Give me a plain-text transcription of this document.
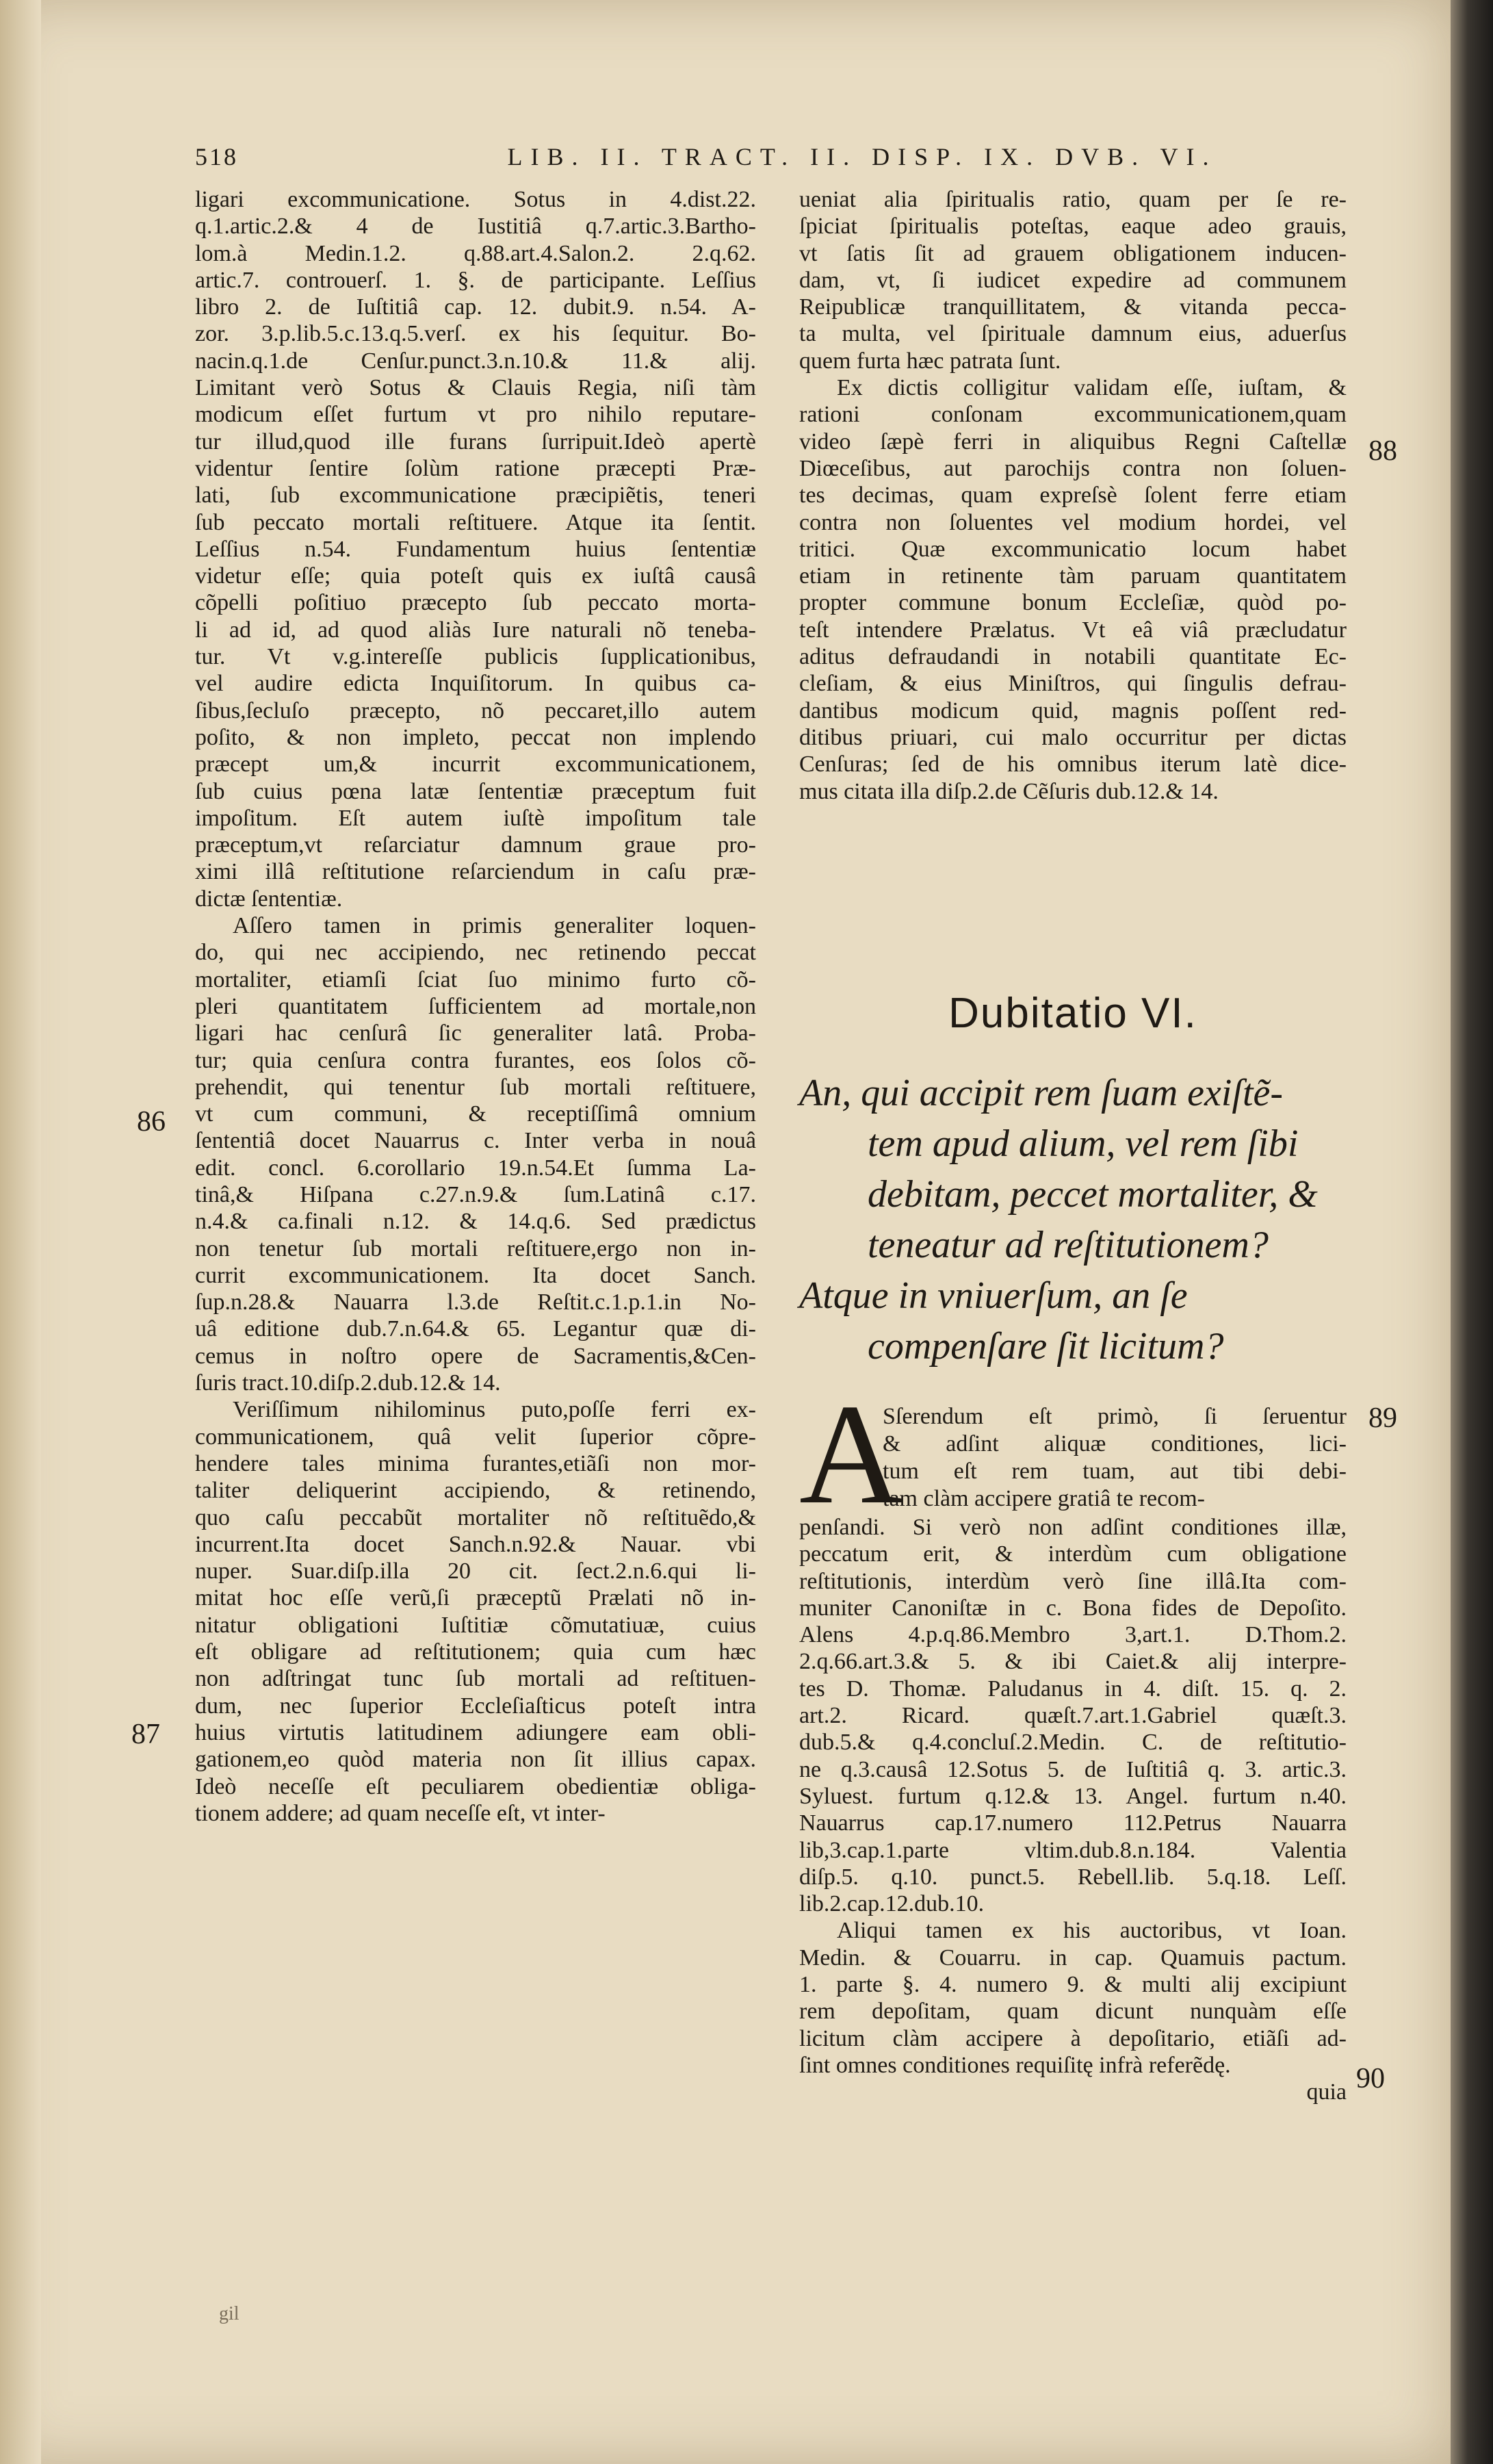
518	LIB. II. TRACT. II. DISP. IX. DVB. VI.

ligari excommunicatione. Sotus in 4.dist.22.
q.1.artic.2.& 4 de Iustitiâ q.7.artic.3.Bartho-
lom.à Medin.1.2. q.88.art.4.Salon.2. 2.q.62.
artic.7. controuerſ. 1. §. de participante. Leſſius
libro 2. de Iuſtitiâ cap. 12. dubit.9. n.54. A-
zor. 3.p.lib.5.c.13.q.5.verſ. ex his ſequitur. Bo-
nacin.q.1.de Cenſur.punct.3.n.10.& 11.& alij.
Limitant verò Sotus & Clauis Regia, niſi tàm
modicum eſſet furtum vt pro nihilo reputare-
tur illud,quod ille furans ſurripuit.Ideò apertè
videntur ſentire ſolùm ratione præcepti Præ-
lati, ſub excommunicatione præcipiẽtis, teneri
ſub peccato mortali reſtituere. Atque ita ſentit.
Leſſius n.54. Fundamentum huius ſententiæ
videtur eſſe; quia poteſt quis ex iuſtâ causâ
cõpelli poſitiuo præcepto ſub peccato morta-
li ad id, ad quod aliàs Iure naturali nõ teneba-
tur. Vt v.g.intereſſe publicis ſupplicationibus,
vel audire edicta Inquiſitorum. In quibus ca-
ſibus,ſecluſo præcepto, nõ peccaret,illo autem
poſito, & non impleto, peccat non implendo
præcept um,& incurrit excommunicationem,
ſub cuius pœna latæ ſententiæ præceptum fuit
impoſitum. Eſt autem iuſtè impoſitum tale
præceptum,vt reſarciatur damnum graue pro-
ximi illâ reſtitutione reſarciendum in caſu præ-
dictæ ſententiæ.

Aſſero tamen in primis generaliter loquen-
do, qui nec accipiendo, nec retinendo peccat
mortaliter, etiamſi ſciat ſuo minimo furto cõ-
pleri quantitatem ſufficientem ad mortale,non
ligari hac cenſurâ ſic generaliter latâ. Proba-
tur; quia cenſura contra furantes, eos ſolos cõ-
prehendit, qui tenentur ſub mortali reſtituere,
vt cum communi, & receptiſſimâ omnium
ſententiâ docet Nauarrus c. Inter verba in nouâ
edit. concl. 6.corollario 19.n.54.Et ſumma La-
tinâ,& Hiſpana c.27.n.9.& ſum.Latinâ c.17.
n.4.& ca.finali n.12. & 14.q.6. Sed prædictus
non tenetur ſub mortali reſtituere,ergo non in-
currit excommunicationem. Ita docet Sanch.
ſup.n.28.& Nauarra l.3.de Reſtit.c.1.p.1.in No-
uâ editione dub.7.n.64.& 65. Legantur quæ di-
cemus in noſtro opere de Sacramentis,&Cen-
ſuris tract.10.diſp.2.dub.12.& 14.

Veriſſimum nihilominus puto,poſſe ferri ex-
communicationem, quâ velit ſuperior cõpre-
hendere tales minima furantes,etiãſi non mor-
taliter deliquerint accipiendo, & retinendo,
quo caſu peccabũt mortaliter nõ reſtituẽdo,&
incurrent.Ita docet Sanch.n.92.& Nauar. vbi
nuper. Suar.diſp.illa 20 cit. ſect.2.n.6.qui li-
mitat hoc eſſe verũ,ſi præceptũ Prælati nõ in-
nitatur obligationi Iuſtitiæ cõmutatiuæ, cuius
eſt obligare ad reſtitutionem; quia cum hæc
non adſtringat tunc ſub mortali ad reſtituen-
dum, nec ſuperior Eccleſiaſticus poteſt intra
huius virtutis latitudinem adiungere eam obli-
gationem,eo quòd materia non ſit illius capax.
Ideò neceſſe eſt peculiarem obedientiæ obliga-
tionem addere; ad quam neceſſe eſt, vt inter-

86
87
88
89
90

ueniat alia ſpiritualis ratio, quam per ſe re-
ſpiciat ſpiritualis poteſtas, eaque adeo grauis,
vt ſatis ſit ad grauem obligationem inducen-
dam, vt, ſi iudicet expedire ad communem
Reipublicæ tranquillitatem, & vitanda pecca-
ta multa, vel ſpirituale damnum eius, aduerſus
quem furta hæc patrata ſunt.

Ex dictis colligitur validam eſſe, iuſtam, &
rationi conſonam excommunicationem,quam
video ſæpè ferri in aliquibus Regni Caſtellæ
Diœceſibus, aut parochijs contra non ſoluen-
tes decimas, quam expreſsè ſolent ferre etiam
contra non ſoluentes vel modium hordei, vel
tritici. Quæ excommunicatio locum habet
etiam in retinente tàm paruam quantitatem
propter commune bonum Eccleſiæ, quòd po-
teſt intendere Prælatus. Vt eâ viâ præcludatur
aditus defraudandi in notabili quantitate Ec-
cleſiam, & eius Miniſtros, qui ſingulis defrau-
dantibus modicum quid, magnis poſſent red-
ditibus priuari, cui malo occurritur per dictas
Cenſuras; ſed de his omnibus iterum latè dice-
mus citata illa diſp.2.de Cẽſuris dub.12.& 14.

Dubitatio VI.
An, qui accipit rem ſuam exiſtẽ-
tem apud alium, vel rem ſibi
debitam, peccet mortaliter, &
teneatur ad reſtitutionem?
Atque in vniuerſum, an ſe
compenſare ſit licitum?
A
Sſerendum eſt primò, ſi ſeruentur
& adſint aliquæ conditiones, lici-
tum eſt rem tuam, aut tibi debi-
tam clàm accipere gratiâ te recom-

penſandi. Si verò non adſint conditiones illæ,
peccatum erit, & interdùm cum obligatione
reſtitutionis, interdùm verò ſine illâ.Ita com-
muniter Canoniſtæ in c. Bona fides de Depoſito.
Alens 4.p.q.86.Membro 3,art.1. D.Thom.2.
2.q.66.art.3.& 5. & ibi Caiet.& alij interpre-
tes D. Thomæ. Paludanus in 4. diſt. 15. q. 2.
art.2. Ricard. quæſt.7.art.1.Gabriel quæſt.3.
dub.5.& q.4.concluſ.2.Medin. C. de reſtitutio-
ne q.3.causâ 12.Sotus 5. de Iuſtitiâ q. 3. artic.3.
Syluest. furtum q.12.& 13. Angel. furtum n.40.
Nauarrus cap.17.numero 112.Petrus Nauarra
lib,3.cap.1.parte vltim.dub.8.n.184. Valentia
diſp.5. q.10. punct.5. Rebell.lib. 5.q.18. Leſſ.
lib.2.cap.12.dub.10.

Aliqui tamen ex his auctoribus, vt Ioan.
Medin. & Couarru. in cap. Quamuis pactum.
1. parte §. 4. numero 9. & multi alij excipiunt
rem depoſitam, quam dicunt nunquàm eſſe
licitum clàm accipere à depoſitario, etiãſi ad-
ſint omnes conditiones requiſitę infrà referẽdę.

quia
gil
